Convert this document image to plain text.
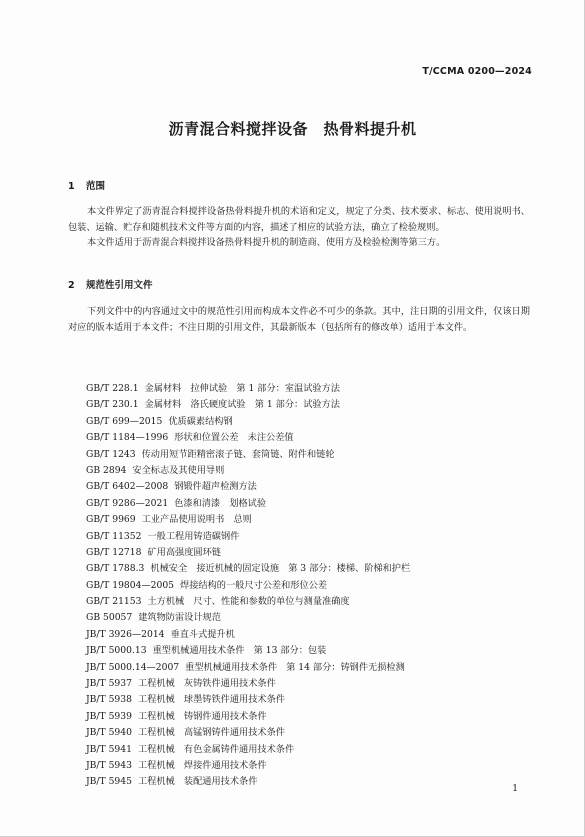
T/CCMA 0200—2024
沥青混合料搅拌设备　热骨料提升机
1 范围

本文件界定了沥青混合料搅拌设备热骨料提升机的术语和定义，规定了分类、技术要求、标志、使用说明书、包装、运输、贮存和随机技术文件等方面的内容，描述了相应的试验方法，确立了检验规则。

本文件适用于沥青混合料搅拌设备热骨料提升机的制造商、使用方及检验检测等第三方。

2 规范性引用文件

下列文件中的内容通过文中的规范性引用而构成本文件必不可少的条款。其中，注日期的引用文件，仅该日期对应的版本适用于本文件；不注日期的引用文件，其最新版本（包括所有的修改单）适用于本文件。

GB/T 228.1 金属材料　拉伸试验　第 1 部分：室温试验方法
GB/T 230.1 金属材料　洛氏硬度试验　第 1 部分：试验方法
GB/T 699—2015 优质碳素结构钢
GB/T 1184—1996 形状和位置公差　未注公差值
GB/T 1243 传动用短节距精密滚子链、套筒链、附件和链轮
GB 2894 安全标志及其使用导则
GB/T 6402—2008 钢锻件超声检测方法
GB/T 9286—2021 色漆和清漆　划格试验
GB/T 9969 工业产品使用说明书　总则
GB/T 11352 一般工程用铸造碳钢件
GB/T 12718 矿用高强度圆环链
GB/T 1788.3 机械安全　接近机械的固定设施　第 3 部分：楼梯、阶梯和护栏
GB/T 19804—2005 焊接结构的一般尺寸公差和形位公差
GB/T 21153 土方机械　尺寸、性能和参数的单位与测量准确度
GB 50057 建筑物防雷设计规范
JB/T 3926—2014 垂直斗式提升机
JB/T 5000.13 重型机械通用技术条件　第 13 部分：包装
JB/T 5000.14—2007 重型机械通用技术条件　第 14 部分：铸钢件无损检测
JB/T 5937 工程机械　灰铸铁件通用技术条件
JB/T 5938 工程机械　球墨铸铁件通用技术条件
JB/T 5939 工程机械　铸钢件通用技术条件
JB/T 5940 工程机械　高锰钢铸件通用技术条件
JB/T 5941 工程机械　有色金属铸件通用技术条件
JB/T 5943 工程机械　焊接件通用技术条件
JB/T 5945 工程机械　装配通用技术条件
1
